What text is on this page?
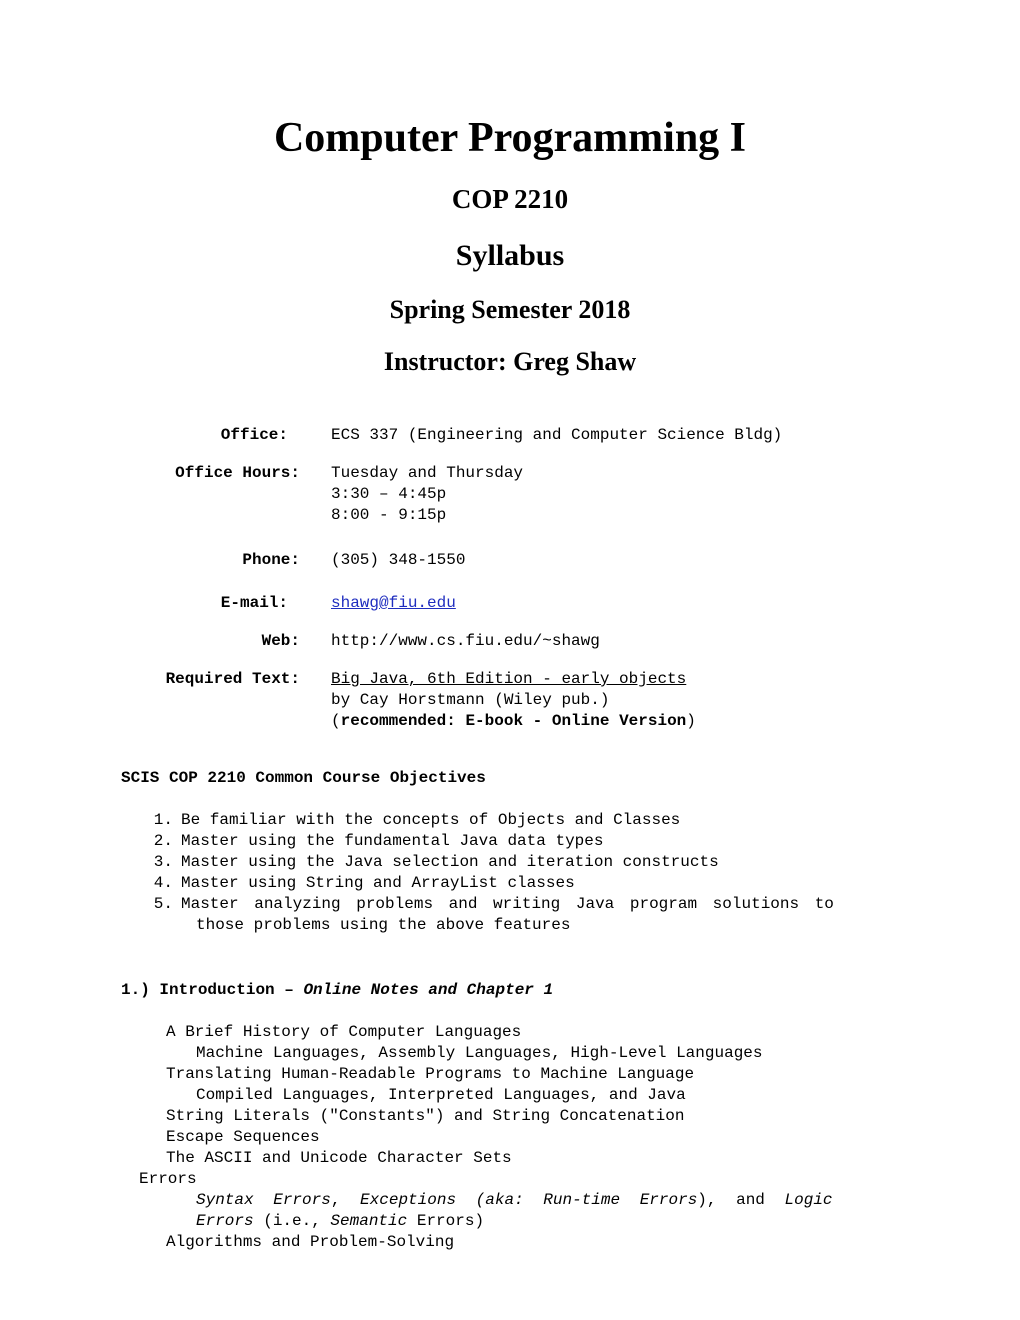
Computer Programming I
COP 2210
Syllabus
Spring Semester 2018
Instructor: Greg Shaw

Office:

	ECS 337 (Engineering and Computer Science Bldg)

Office Hours:

Tuesday and Thursday

3:30 – 4:45p

8:00 - 9:15p

Phone:

(305) 348-1550

E-mail:

	shawg@fiu.edu

Web:

http://www.cs.fiu.edu/~shawg

Required Text:

Big Java, 6th Edition - early objects

by Cay Horstmann (Wiley pub.)

(recommended: E-book - Online Version)

SCIS COP 2210 Common Course Objectives

1.

Be familiar with the concepts of Objects and Classes

2.

Master using the fundamental Java data types

3.

Master using the Java selection and iteration constructs

4.

Master using String and ArrayList classes

5.

Master analyzing problems and writing Java program solutions to

those problems using the above features

1.) Introduction – Online Notes and Chapter 1

A Brief History of Computer Languages

Machine Languages, Assembly Languages, High-Level Languages

Translating Human-Readable Programs to Machine Language

Compiled Languages, Interpreted Languages, and Java

String Literals ("Constants") and String Concatenation

Escape Sequences

The ASCII and Unicode Character Sets

Errors

Syntax Errors, Exceptions (aka: Run-time Errors), and Logic

Errors (i.e., Semantic Errors)

Algorithms and Problem-Solving
